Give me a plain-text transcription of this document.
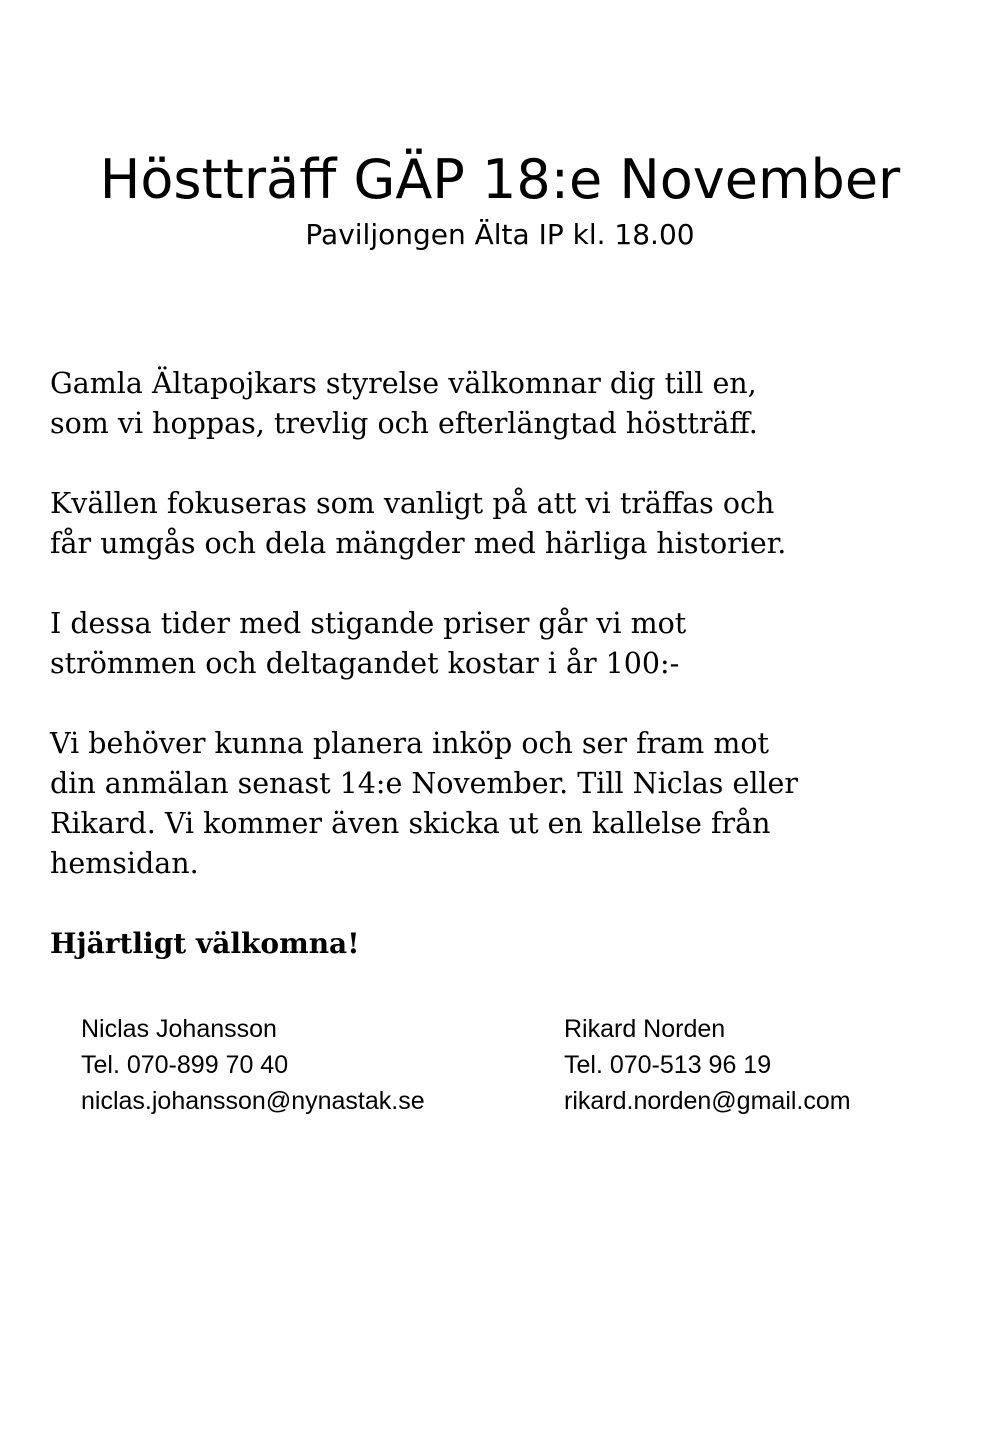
Höstträff GÄP 18:e November
Paviljongen Älta IP kl. 18.00

Gamla Ältapojkars styrelse välkomnar dig till en,
som vi hoppas, trevlig och efterlängtad höstträff.

Kvällen fokuseras som vanligt på att vi träffas och
får umgås och dela mängder med härliga historier.

I dessa tider med stigande priser går vi mot
strömmen och deltagandet kostar i år 100:-

Vi behöver kunna planera inköp och ser fram mot
din anmälan senast 14:e November. Till Niclas eller
Rikard. Vi kommer även skicka ut en kallelse från
hemsidan.

Hjärtligt välkomna!
Niclas Johansson
Tel. 070-899 70 40
niclas.johansson@nynastak.se
Rikard Norden
Tel. 070-513 96 19
rikard.norden@gmail.com
